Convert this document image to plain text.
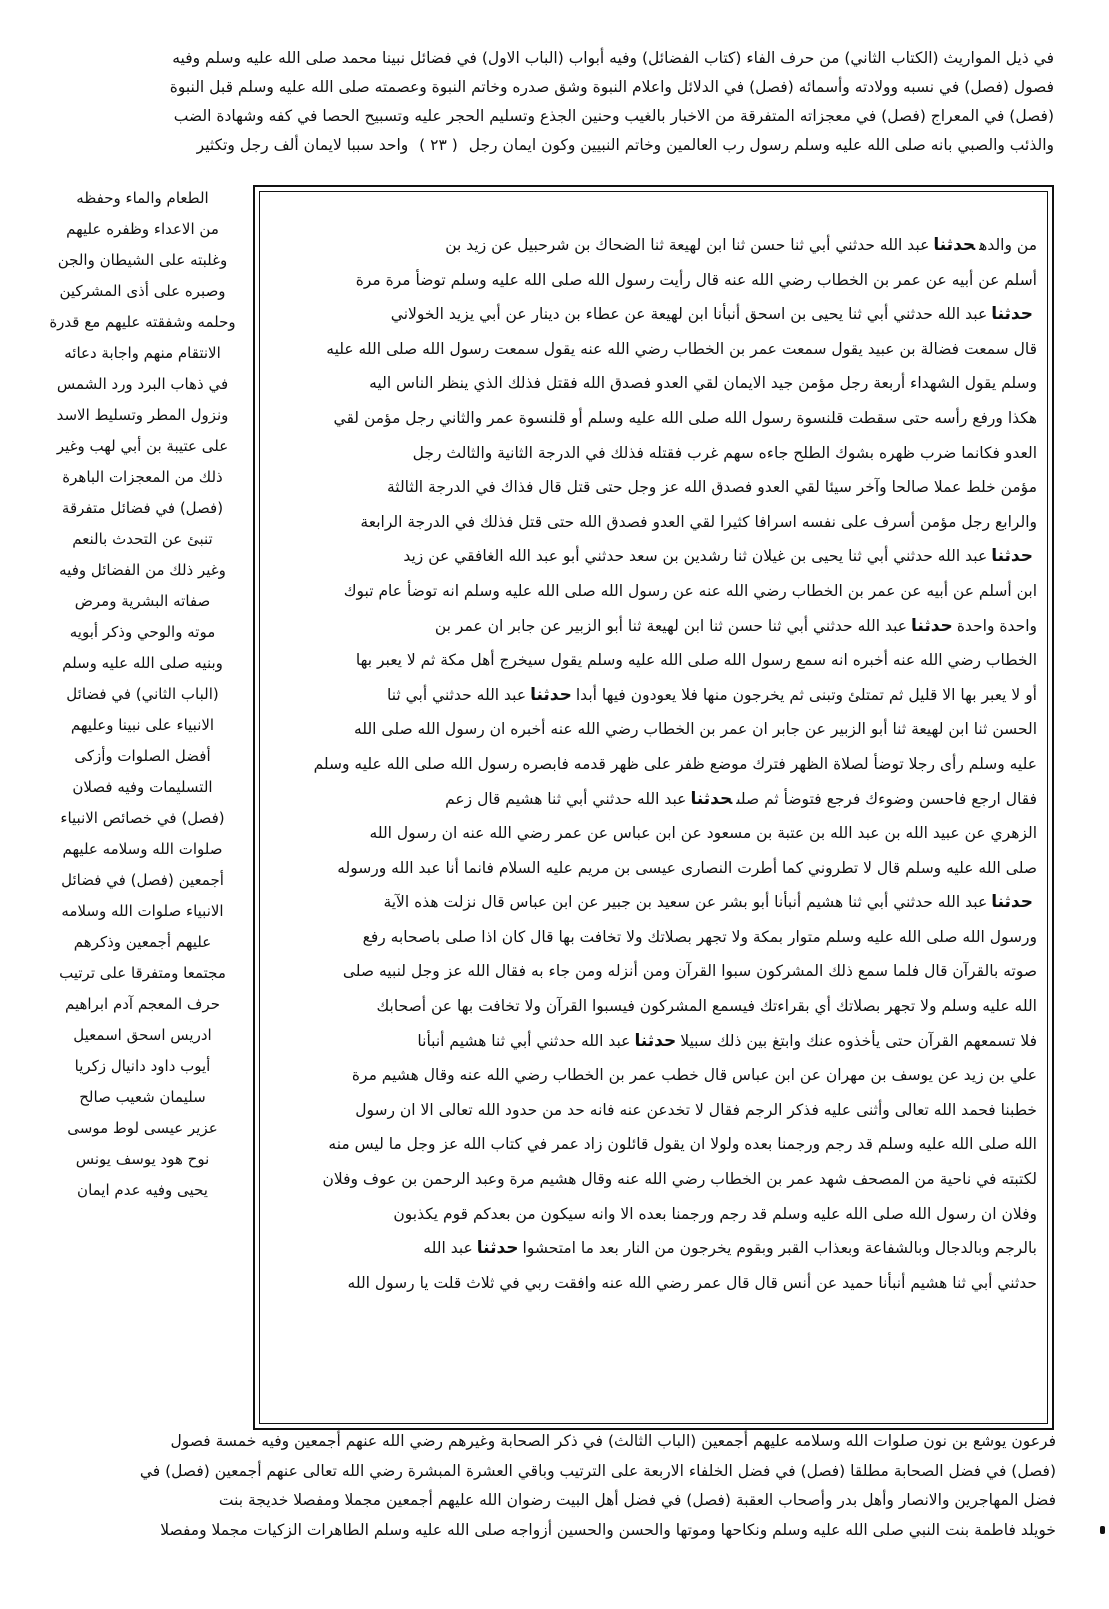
في ذيل المواريث (الكتاب الثاني) من حرف الفاء (كتاب الفضائل) وفيه أبواب (الباب الاول) في فضائل نبينا محمد صلى الله عليه وسلم وفيه
فصول (فصل) في نسبه وولادته وأسمائه (فصل) في الدلائل واعلام النبوة وشق صدره وخاتم النبوة وعصمته صلى الله عليه وسلم قبل النبوة
(فصل) في المعراج (فصل) في معجزاته المتفرقة من الاخبار بالغيب وحنين الجذع وتسليم الحجر عليه وتسبيح الحصا في كفه وشهادة الضب
والذئب والصبي بانه صلى الله عليه وسلم رسول رب العالمين وخاتم النبيين وكون ايمان رجل ( ٢٣ ) واحد سببا لايمان ألف رجل وتكثير
من والدهحدثناعبد الله حدثني أبي ثنا حسن ثنا ابن لهيعة ثنا الضحاك بن شرحبيل عن زيد بن
أسلم عن أبيه عن عمر بن الخطاب رضي الله عنه قال رأيت رسول الله صلى الله عليه وسلم توضأ مرة مرة
حدثناعبد الله حدثني أبي ثنا يحيى بن اسحق أنبأنا ابن لهيعة عن عطاء بن دينار عن أبي يزيد الخولاني
قال سمعت فضالة بن عبيد يقول سمعت عمر بن الخطاب رضي الله عنه يقول سمعت رسول الله صلى الله عليه
وسلم يقول الشهداء أربعة رجل مؤمن جيد الايمان لقي العدو فصدق الله فقتل فذلك الذي ينظر الناس اليه
هكذا ورفع رأسه حتى سقطت قلنسوة رسول الله صلى الله عليه وسلم أو قلنسوة عمر والثاني رجل مؤمن لقي
العدو فكانما ضرب ظهره بشوك الطلح جاءه سهم غرب فقتله فذلك في الدرجة الثانية والثالث رجل
مؤمن خلط عملا صالحا وآخر سيئا لقي العدو فصدق الله عز وجل حتى قتل قال فذاك في الدرجة الثالثة
والرابع رجل مؤمن أسرف على نفسه اسرافا كثيرا لقي العدو فصدق الله حتى قتل فذلك في الدرجة الرابعة
حدثناعبد الله حدثني أبي ثنا يحيى بن غيلان ثنا رشدين بن سعد حدثني أبو عبد الله الغافقي عن زيد
ابن أسلم عن أبيه عن عمر بن الخطاب رضي الله عنه عن رسول الله صلى الله عليه وسلم انه توضأ عام تبوك
واحدة واحدةحدثناعبد الله حدثني أبي ثنا حسن ثنا ابن لهيعة ثنا أبو الزبير عن جابر ان عمر بن
الخطاب رضي الله عنه أخبره انه سمع رسول الله صلى الله عليه وسلم يقول سيخرج أهل مكة ثم لا يعبر بها
أو لا يعبر بها الا قليل ثم تمتلئ وتبنى ثم يخرجون منها فلا يعودون فيها أبداحدثناعبد الله حدثني أبي ثنا
الحسن ثنا ابن لهيعة ثنا أبو الزبير عن جابر ان عمر بن الخطاب رضي الله عنه أخبره ان رسول الله صلى الله
عليه وسلم رأى رجلا توضأ لصلاة الظهر فترك موضع ظفر على ظهر قدمه فابصره رسول الله صلى الله عليه وسلم
فقال ارجع فاحسن وضوءك فرجع فتوضأ ثم صلىحدثناعبد الله حدثني أبي ثنا هشيم قال زعم
الزهري عن عبيد الله بن عبد الله بن عتبة بن مسعود عن ابن عباس عن عمر رضي الله عنه ان رسول الله
صلى الله عليه وسلم قال لا تطروني كما أطرت النصارى عيسى بن مريم عليه السلام فانما أنا عبد الله ورسوله
حدثناعبد الله حدثني أبي ثنا هشيم أنبأنا أبو بشر عن سعيد بن جبير عن ابن عباس قال نزلت هذه الآية
ورسول الله صلى الله عليه وسلم متوار بمكة ولا تجهر بصلاتك ولا تخافت بها قال كان اذا صلى باصحابه رفع
صوته بالقرآن قال فلما سمع ذلك المشركون سبوا القرآن ومن أنزله ومن جاء به فقال الله عز وجل لنبيه صلى
الله عليه وسلم ولا تجهر بصلاتك أي بقراءتك فيسمع المشركون فيسبوا القرآن ولا تخافت بها عن أصحابك
فلا تسمعهم القرآن حتى يأخذوه عنك وابتغ بين ذلك سبيلاحدثناعبد الله حدثني أبي ثنا هشيم أنبأنا
علي بن زيد عن يوسف بن مهران عن ابن عباس قال خطب عمر بن الخطاب رضي الله عنه وقال هشيم مرة
خطبنا فحمد الله تعالى وأثنى عليه فذكر الرجم فقال لا تخدعن عنه فانه حد من حدود الله تعالى الا ان رسول
الله صلى الله عليه وسلم قد رجم ورجمنا بعده ولولا ان يقول قائلون زاد عمر في كتاب الله عز وجل ما ليس منه
لكتبته في ناحية من المصحف شهد عمر بن الخطاب رضي الله عنه وقال هشيم مرة وعبد الرحمن بن عوف وفلان
وفلان ان رسول الله صلى الله عليه وسلم قد رجم ورجمنا بعده الا وانه سيكون من بعدكم قوم يكذبون
بالرجم وبالدجال وبالشفاعة وبعذاب القبر وبقوم يخرجون من النار بعد ما امتحشواحدثناعبد الله
حدثني أبي ثنا هشيم أنبأنا حميد عن أنس قال قال عمر رضي الله عنه وافقت ربي في ثلاث قلت يا رسول الله
الطعام والماء وحفظه
من الاعداء وظفره عليهم
وغلبته على الشيطان والجن
وصبره على أذى المشركين
وحلمه وشفقته عليهم مع قدرة
الانتقام منهم واجابة دعائه
في ذهاب البرد ورد الشمس
ونزول المطر وتسليط الاسد
على عتيبة بن أبي لهب وغير
ذلك من المعجزات الباهرة
(فصل) في فضائل متفرقة
تنبئ عن التحدث بالنعم
وغير ذلك من الفضائل وفيه
صفاته البشرية ومرض
موته والوحي وذكر أبويه
وبنيه صلى الله عليه وسلم
(الباب الثاني) في فضائل
الانبياء على نبينا وعليهم
أفضل الصلوات وأزكى
التسليمات وفيه فصلان
(فصل) في خصائص الانبياء
صلوات الله وسلامه عليهم
أجمعين (فصل) في فضائل
الانبياء صلوات الله وسلامه
عليهم أجمعين وذكرهم
مجتمعا ومتفرقا على ترتيب
حرف المعجم آدم ابراهيم
ادريس اسحق اسمعيل
أيوب داود دانيال زكريا
سليمان شعيب صالح
عزير عيسى لوط موسى
نوح هود يوسف يونس
يحيى وفيه عدم ايمان
فرعون يوشع بن نون صلوات الله وسلامه عليهم أجمعين (الباب الثالث) في ذكر الصحابة وغيرهم رضي الله عنهم أجمعين وفيه خمسة فصول
(فصل) في فضل الصحابة مطلقا (فصل) في فضل الخلفاء الاربعة على الترتيب وباقي العشرة المبشرة رضي الله تعالى عنهم أجمعين (فصل) في
فضل المهاجرين والانصار وأهل بدر وأصحاب العقبة (فصل) في فضل أهل البيت رضوان الله عليهم أجمعين مجملا ومفصلا خديجة بنت
خويلد فاطمة بنت النبي صلى الله عليه وسلم ونكاحها وموتها والحسن والحسين أزواجه صلى الله عليه وسلم الطاهرات الزكيات مجملا ومفصلا
